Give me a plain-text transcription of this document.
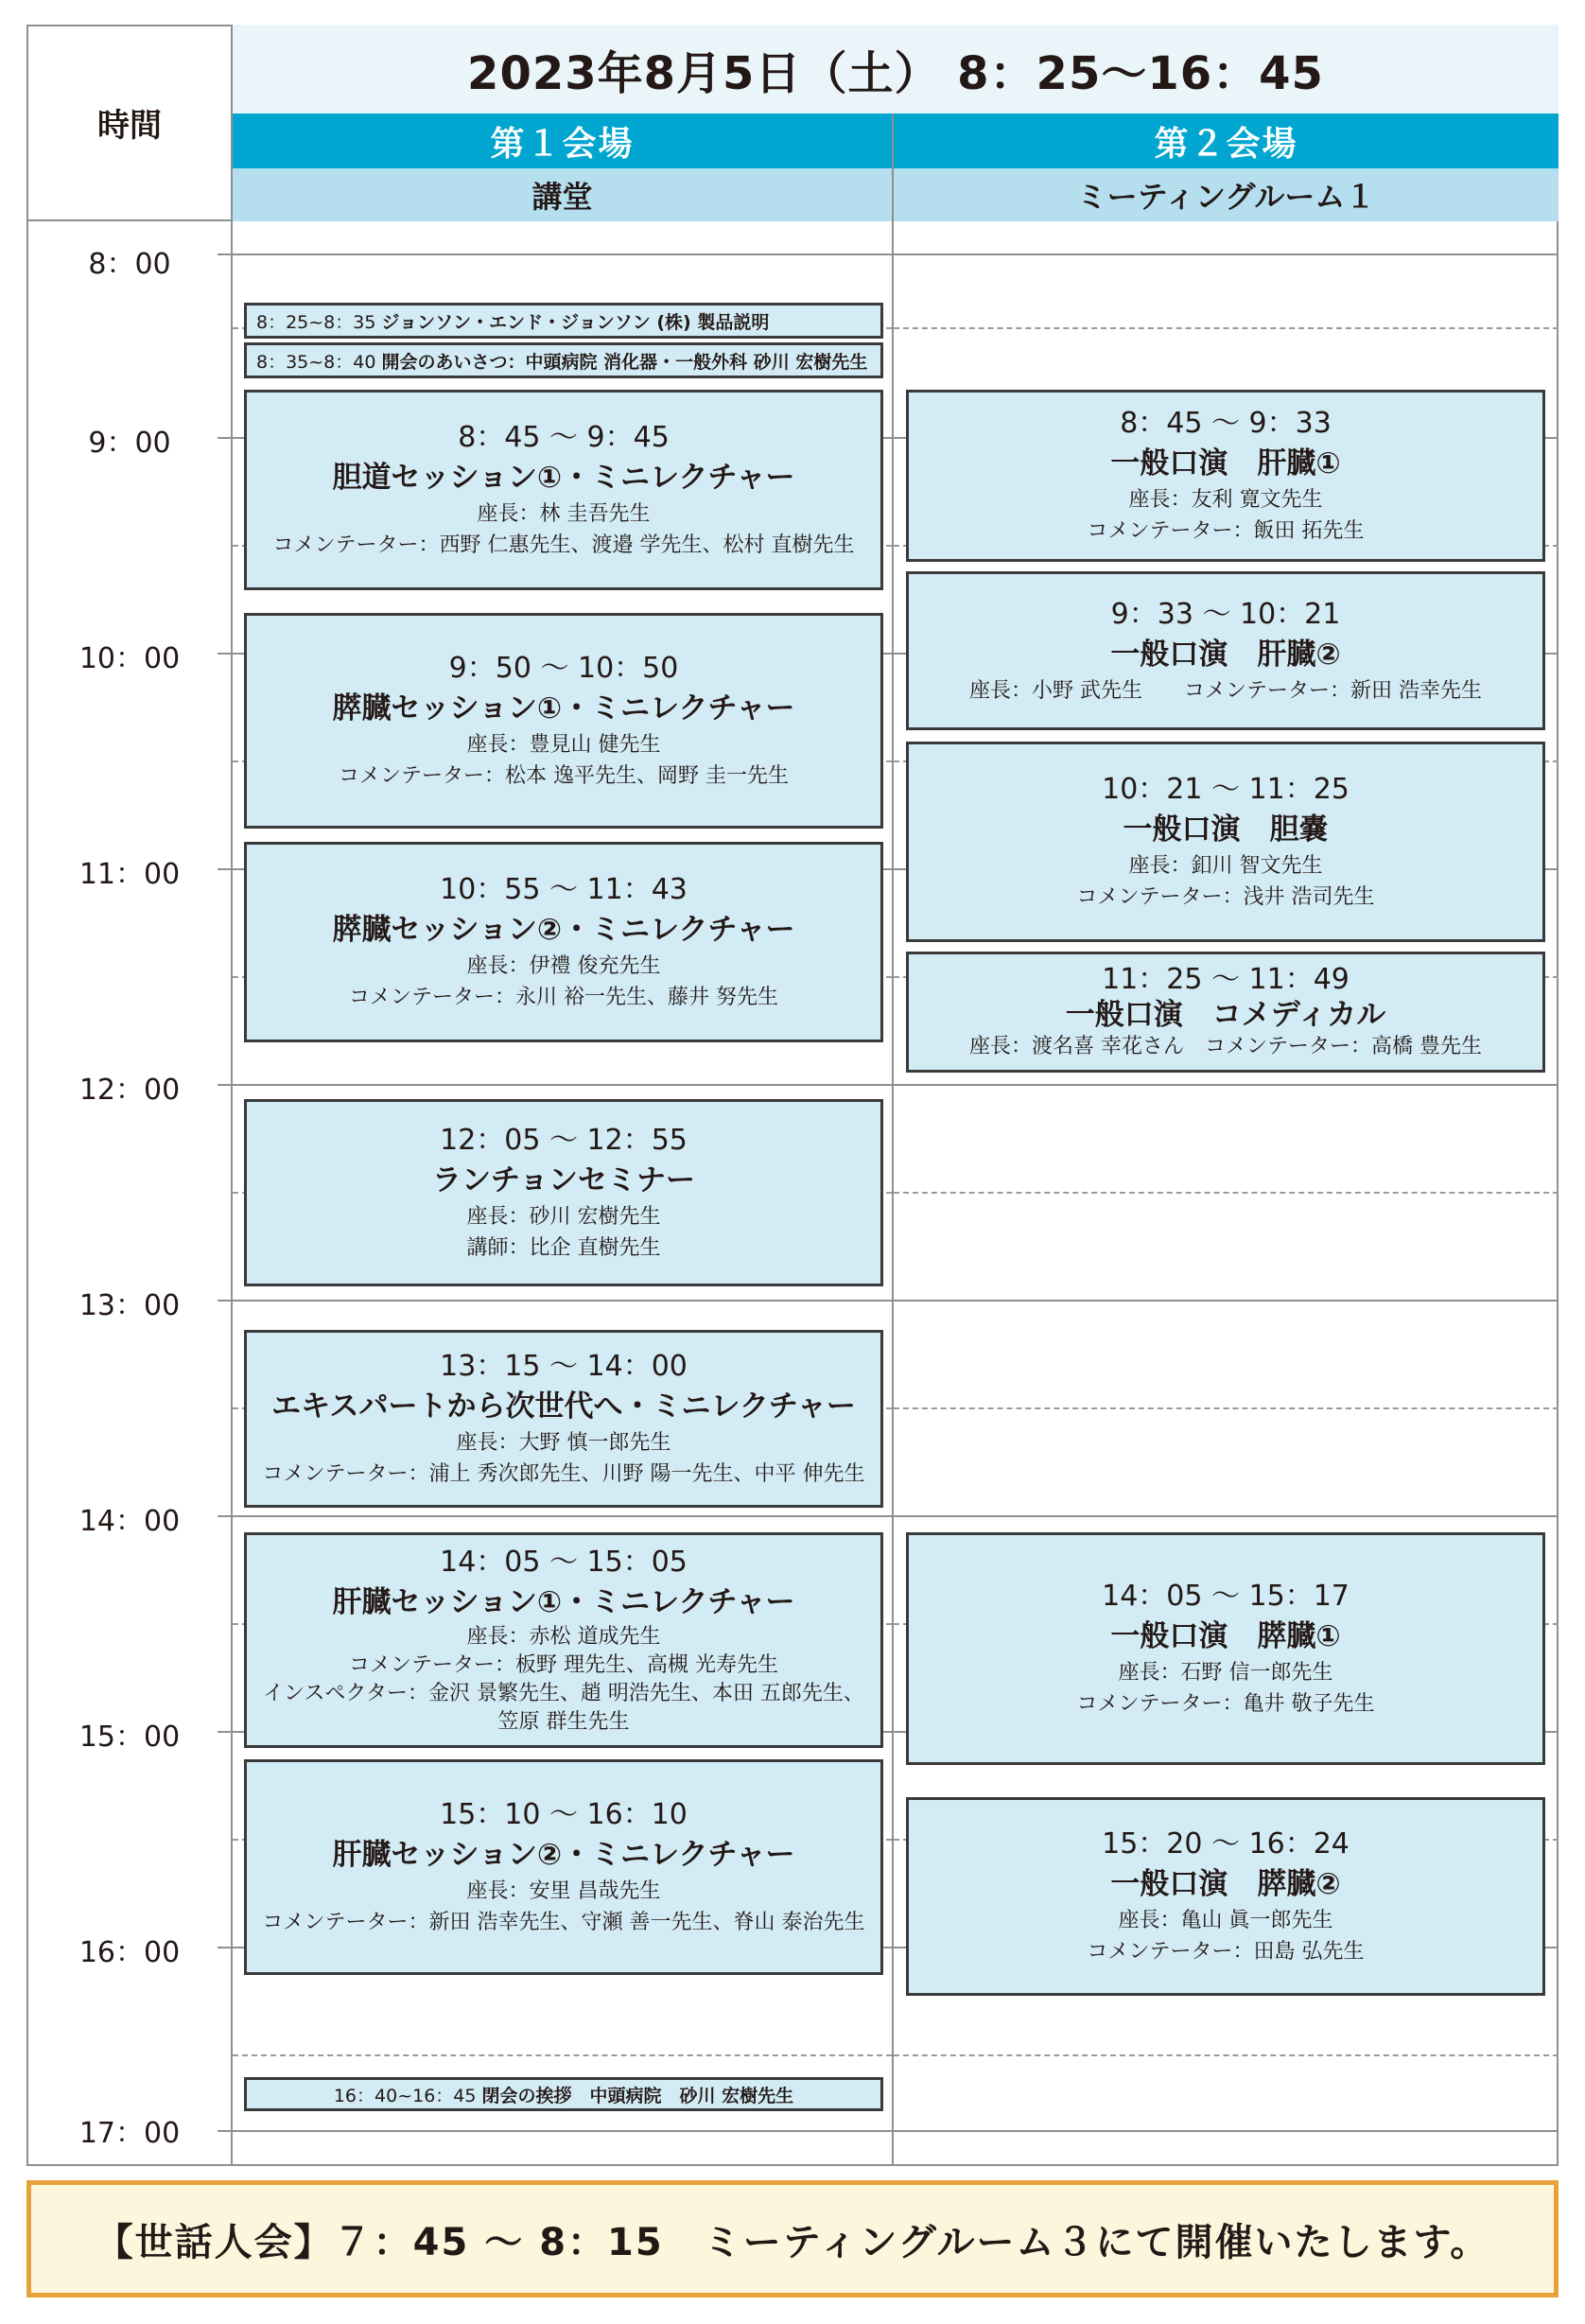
時間
2023年8月5日（土） 8：25～16：45
第１会場	第２会場
講堂	ミーティングルーム１
8：00
9：00
10：00
11：00
12：00
13：00
14：00
15：00
16：00
17：00
8：25~8：35
ジョンソン・エンド・ジョンソン (株) 製品説明
8：35~8：40
開会のあいさつ：中頭病院 消化器・一般外科 砂川 宏樹先生
16：40~16：45
閉会の挨拶　中頭病院　砂川 宏樹先生
8：45 ～ 9：45
胆道セッション①・ミニレクチャー
座長：林 圭吾先生
コメンテーター：西野 仁惠先生、渡邉 学先生、松村 直樹先生
9：50 ～ 10：50
膵臓セッション①・ミニレクチャー
座長：豊見山 健先生
コメンテーター：松本 逸平先生、岡野 圭一先生
10：55 ～ 11：43
膵臓セッション②・ミニレクチャー
座長：伊禮 俊充先生
コメンテーター：永川 裕一先生、藤井 努先生
12：05 ～ 12：55
ランチョンセミナー
座長：砂川 宏樹先生
講師：比企 直樹先生
13：15 ～ 14：00
エキスパートから次世代へ・ミニレクチャー
座長：大野 慎一郎先生
コメンテーター：浦上 秀次郎先生、川野 陽一先生、中平 伸先生
14：05 ～ 15：05
肝臓セッション①・ミニレクチャー
座長：赤松 道成先生
コメンテーター：板野 理先生、高槻 光寿先生
インスペクター：金沢 景繁先生、趙 明浩先生、本田 五郎先生、
笠原 群生先生
15：10 ～ 16：10
肝臓セッション②・ミニレクチャー
座長：安里 昌哉先生
コメンテーター：新田 浩幸先生、守瀬 善一先生、脊山 泰治先生
8：45 ～ 9：33
一般口演　肝臓①
座長：友利 寛文先生
コメンテーター：飯田 拓先生
9：33 ～ 10：21
一般口演　肝臓②
座長：小野 武先生　　コメンテーター：新田 浩幸先生
10：21 ～ 11：25
一般口演　胆嚢
座長：釦川 智文先生
コメンテーター：浅井 浩司先生
11：25 ～ 11：49
一般口演　コメディカル
座長：渡名喜 幸花さん　コメンテーター：高橋 豊先生
14：05 ～ 15：17
一般口演　膵臓①
座長：石野 信一郎先生
コメンテーター：亀井 敬子先生
15：20 ～ 16：24
一般口演　膵臓②
座長：亀山 眞一郎先生
コメンテーター：田島 弘先生
【世話人会】７：45 ～ 8：15　ミーティングルーム３にて開催いたします。
